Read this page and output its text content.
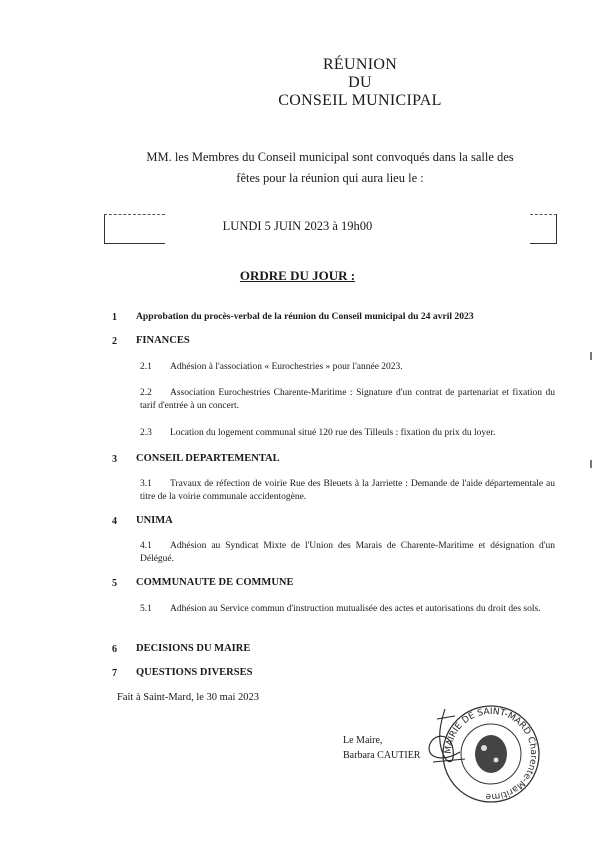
RÉUNION
DU
CONSEIL MUNICIPAL
MM. les Membres du Conseil municipal sont convoqués dans la salle des
fêtes pour la réunion qui aura lieu le :
LUNDI 5 JUIN 2023 à 19h00
ORDRE DU JOUR :
1 Approbation du procès-verbal de la réunion du Conseil municipal du 24 avril 2023
2 FINANCES
2.1 Adhésion à l'association « Eurochestries » pour l'année 2023.
2.2 Association Eurochestries Charente-Maritime : Signature d'un contrat de partenariat et fixation du tarif d'entrée à un concert.
2.3 Location du logement communal situé 120 rue des Tilleuls : fixation du prix du loyer.
3 CONSEIL DEPARTEMENTAL
3.1 Travaux de réfection de voirie Rue des Bleuets à la Jarriette : Demande de l'aide départementale au titre de la voirie communale accidentogène.
4 UNIMA
4.1 Adhésion au Syndicat Mixte de l'Union des Marais de Charente-Maritime et désignation d'un Délégué.
5 COMMUNAUTE DE COMMUNE
5.1 Adhésion au Service commun d'instruction mutualisée des actes et autorisations du droit des sols.
6 DECISIONS DU MAIRE
7 QUESTIONS DIVERSES
Fait à Saint-Mard, le 30 mai 2023
Le Maire,
Barbara CAUTIER
MAIRIE DE SAINT-MARD Charente-Maritime
